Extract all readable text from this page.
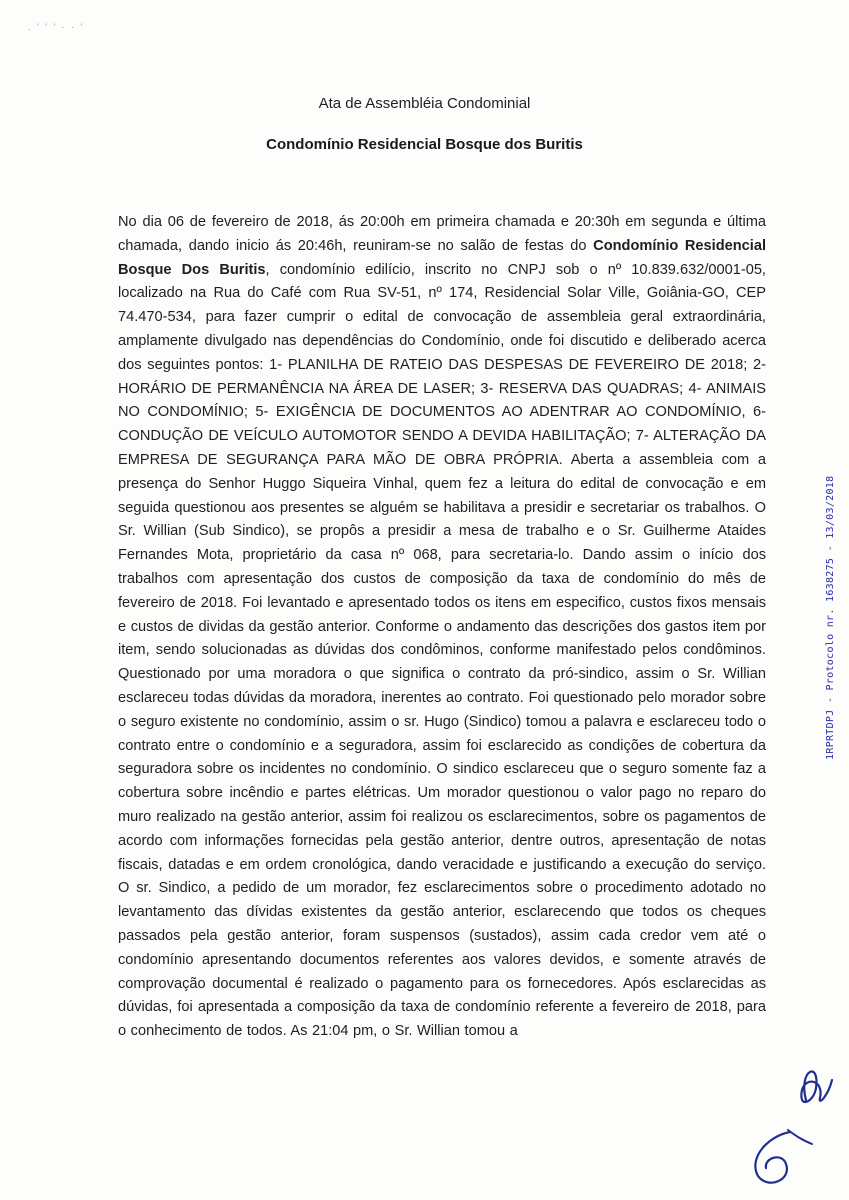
. ' ' ' · · '
Ata de Assembléia Condominial
Condomínio Residencial Bosque dos Buritis
No dia 06 de fevereiro de 2018, ás 20:00h em primeira chamada e 20:30h em segunda e última chamada, dando inicio ás 20:46h, reuniram-se no salão de festas do Condomínio Residencial Bosque Dos Buritis, condomínio edilício, inscrito no CNPJ sob o nº 10.839.632/0001-05, localizado na Rua do Café com Rua SV-51, nº 174, Residencial Solar Ville, Goiânia-GO, CEP 74.470-534, para fazer cumprir o edital de convocação de assembleia geral extraordinária, amplamente divulgado nas dependências do Condomínio, onde foi discutido e deliberado acerca dos seguintes pontos: 1- PLANILHA DE RATEIO DAS DESPESAS DE FEVEREIRO DE 2018; 2- HORÁRIO DE PERMANÊNCIA NA ÁREA DE LASER; 3- RESERVA DAS QUADRAS; 4- ANIMAIS NO CONDOMÍNIO; 5- EXIGÊNCIA DE DOCUMENTOS AO ADENTRAR AO CONDOMÍNIO, 6- CONDUÇÃO DE VEÍCULO AUTOMOTOR SENDO A DEVIDA HABILITAÇÃO; 7- ALTERAÇÃO DA EMPRESA DE SEGURANÇA PARA MÃO DE OBRA PRÓPRIA. Aberta a assembleia com a presença do Senhor Huggo Siqueira Vinhal, quem fez a leitura do edital de convocação e em seguida questionou aos presentes se alguém se habilitava a presidir e secretariar os trabalhos. O Sr. Willian (Sub Sindico), se propôs a presidir a mesa de trabalho e o Sr. Guilherme Ataides Fernandes Mota, proprietário da casa nº 068, para secretaria-lo. Dando assim o início dos trabalhos com apresentação dos custos de composição da taxa de condomínio do mês de fevereiro de 2018. Foi levantado e apresentado todos os itens em especifico, custos fixos mensais e custos de dividas da gestão anterior. Conforme o andamento das descrições dos gastos item por item, sendo solucionadas as dúvidas dos condôminos, conforme manifestado pelos condôminos. Questionado por uma moradora o que significa o contrato da pró-sindico, assim o Sr. Willian esclareceu todas dúvidas da moradora, inerentes ao contrato. Foi questionado pelo morador sobre o seguro existente no condomínio, assim o sr. Hugo (Sindico) tomou a palavra e esclareceu todo o contrato entre o condomínio e a seguradora, assim foi esclarecido as condições de cobertura da seguradora sobre os incidentes no condomínio. O sindico esclareceu que o seguro somente faz a cobertura sobre incêndio e partes elétricas. Um morador questionou o valor pago no reparo do muro realizado na gestão anterior, assim foi realizou os esclarecimentos, sobre os pagamentos de acordo com informações fornecidas pela gestão anterior, dentre outros, apresentação de notas fiscais, datadas e em ordem cronológica, dando veracidade e justificando a execução do serviço. O sr. Sindico, a pedido de um morador, fez esclarecimentos sobre o procedimento adotado no levantamento das dívidas existentes da gestão anterior, esclarecendo que todos os cheques passados pela gestão anterior, foram suspensos (sustados), assim cada credor vem até o condomínio apresentando documentos referentes aos valores devidos, e somente através de comprovação documental é realizado o pagamento para os fornecedores. Após esclarecidas as dúvidas, foi apresentada a composição da taxa de condomínio referente a fevereiro de 2018, para o conhecimento de todos. As 21:04 pm, o Sr. Willian tomou a
1RPRTDPJ - Protocolo nr. 1638275 - 13/03/2018
